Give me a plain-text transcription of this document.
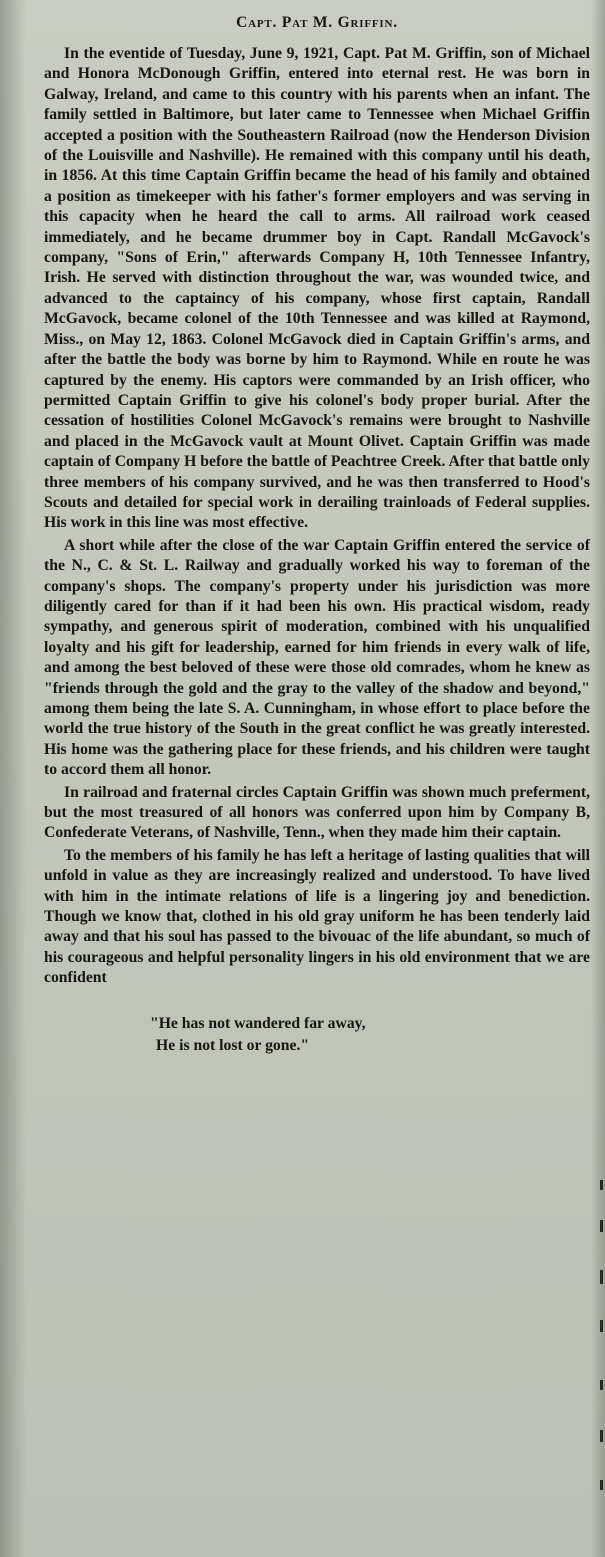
Capt. Pat M. Griffin.

In the eventide of Tuesday, June 9, 1921, Capt. Pat M. Griffin, son of Michael and Honora McDonough Griffin, entered into eternal rest. He was born in Galway, Ireland, and came to this country with his parents when an infant. The family settled in Baltimore, but later came to Tennessee when Michael Griffin accepted a position with the Southeastern Railroad (now the Henderson Division of the Louisville and Nashville). He remained with this company until his death, in 1856. At this time Captain Griffin became the head of his family and obtained a position as timekeeper with his father's former employers and was serving in this capacity when he heard the call to arms. All railroad work ceased immediately, and he became drummer boy in Capt. Randall McGavock's company, "Sons of Erin," afterwards Company H, 10th Tennessee Infantry, Irish. He served with distinction throughout the war, was wounded twice, and advanced to the captaincy of his company, whose first captain, Randall McGavock, became colonel of the 10th Tennessee and was killed at Raymond, Miss., on May 12, 1863. Colonel McGavock died in Captain Griffin's arms, and after the battle the body was borne by him to Raymond. While en route he was captured by the enemy. His captors were commanded by an Irish officer, who permitted Captain Griffin to give his colonel's body proper burial. After the cessation of hostilities Colonel McGavock's remains were brought to Nashville and placed in the McGavock vault at Mount Olivet. Captain Griffin was made captain of Company H before the battle of Peachtree Creek. After that battle only three members of his company survived, and he was then transferred to Hood's Scouts and detailed for special work in derailing trainloads of Federal supplies. His work in this line was most effective.

A short while after the close of the war Captain Griffin entered the service of the N., C. & St. L. Railway and gradually worked his way to foreman of the company's shops. The company's property under his jurisdiction was more diligently cared for than if it had been his own. His practical wisdom, ready sympathy, and generous spirit of moderation, combined with his unqualified loyalty and his gift for leadership, earned for him friends in every walk of life, and among the best beloved of these were those old comrades, whom he knew as "friends through the gold and the gray to the valley of the shadow and beyond," among them being the late S. A. Cunningham, in whose effort to place before the world the true history of the South in the great conflict he was greatly interested. His home was the gathering place for these friends, and his children were taught to accord them all honor.

In railroad and fraternal circles Captain Griffin was shown much preferment, but the most treasured of all honors was conferred upon him by Company B, Confederate Veterans, of Nashville, Tenn., when they made him their captain.

To the members of his family he has left a heritage of lasting qualities that will unfold in value as they are increasingly realized and understood. To have lived with him in the intimate relations of life is a lingering joy and benediction. Though we know that, clothed in his old gray uniform he has been tenderly laid away and that his soul has passed to the bivouac of the life abundant, so much of his courageous and helpful personality lingers in his old environment that we are confident

"He has not wandered far away,
He is not lost or gone."
